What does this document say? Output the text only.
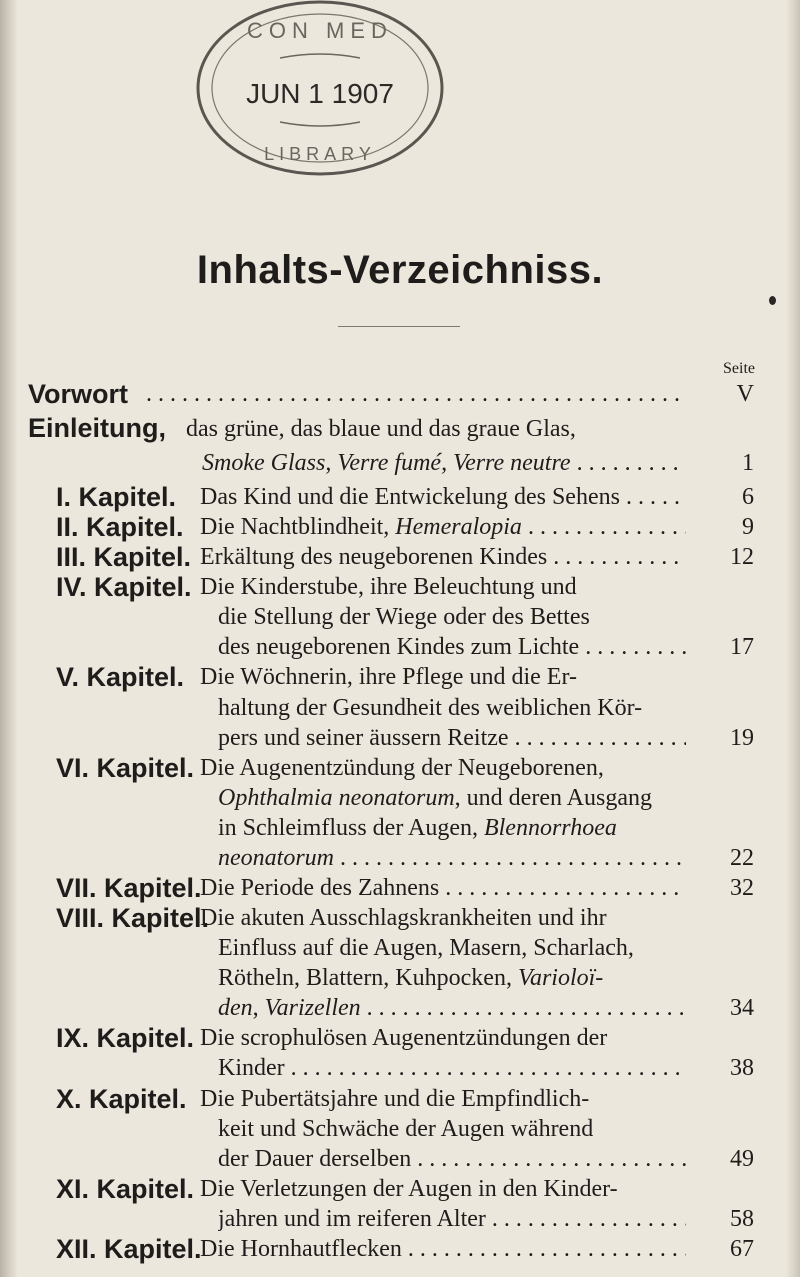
CON MED
JUN 1 1907
LIBRARY
Inhalts-Verzeichniss.
Seite
Vorwort . . .	V
Einleitung, das grüne, das blaue und das graue Glas,
Smoke Glass, Verre fumé, Verre neutre . . .	1
I. Kapitel. Das Kind und die Entwickelung des Sehens . . .	6
II. Kapitel. Die Nachtblindheit, Hemeralopia . . .	9
III. Kapitel. Erkältung des neugeborenen Kindes . . .	12
IV. Kapitel. Die Kinderstube, ihre Beleuchtung und
die Stellung der Wiege oder des Bettes
des neugeborenen Kindes zum Lichte . . .	17
V. Kapitel. Die Wöchnerin, ihre Pflege und die Er-
haltung der Gesundheit des weiblichen Kör-
pers und seiner äussern Reitze . . .	19
VI. Kapitel. Die Augenentzündung der Neugeborenen,
Ophthalmia neonatorum, und deren Ausgang
in Schleimfluss der Augen, Blennorrhoea
neonatorum . . .	22
VII. Kapitel.
Die Periode des Zahnens . . .	32
VIII. Kapitel.
Die akuten Ausschlagskrankheiten und ihr
Einfluss auf die Augen, Masern, Scharlach,
Rötheln, Blattern, Kuhpocken, Varioloï-
den, Varizellen . . .	34
IX. Kapitel. Die scrophulösen Augenentzündungen der
Kinder . . .	38
X. Kapitel. Die Pubertätsjahre und die Empfindlich-
keit und Schwäche der Augen während
der Dauer derselben . . .	49
XI. Kapitel. Die Verletzungen der Augen in den Kinder-
jahren und im reiferen Alter . . .	58
XII. Kapitel.
Die Hornhautflecken . . .	67
